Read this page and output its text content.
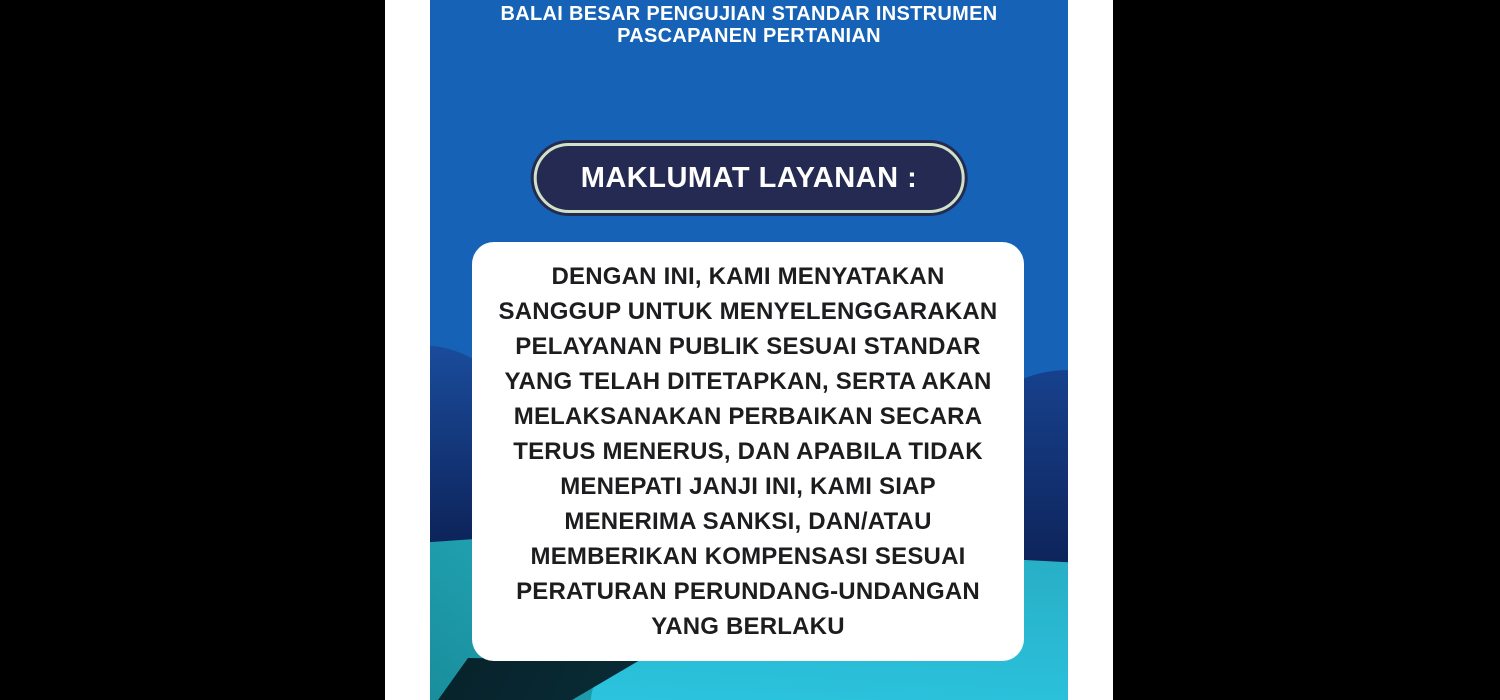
BALAI BESAR PENGUJIAN STANDAR INSTRUMEN
PASCAPANEN PERTANIAN
MAKLUMAT LAYANAN :
DENGAN INI, KAMI MENYATAKAN
SANGGUP UNTUK MENYELENGGARAKAN
PELAYANAN PUBLIK SESUAI STANDAR
YANG TELAH DITETAPKAN, SERTA AKAN
MELAKSANAKAN PERBAIKAN SECARA
TERUS MENERUS, DAN APABILA TIDAK
MENEPATI JANJI INI, KAMI SIAP
MENERIMA SANKSI, DAN/ATAU
MEMBERIKAN KOMPENSASI SESUAI
PERATURAN PERUNDANG-UNDANGAN
YANG BERLAKU
